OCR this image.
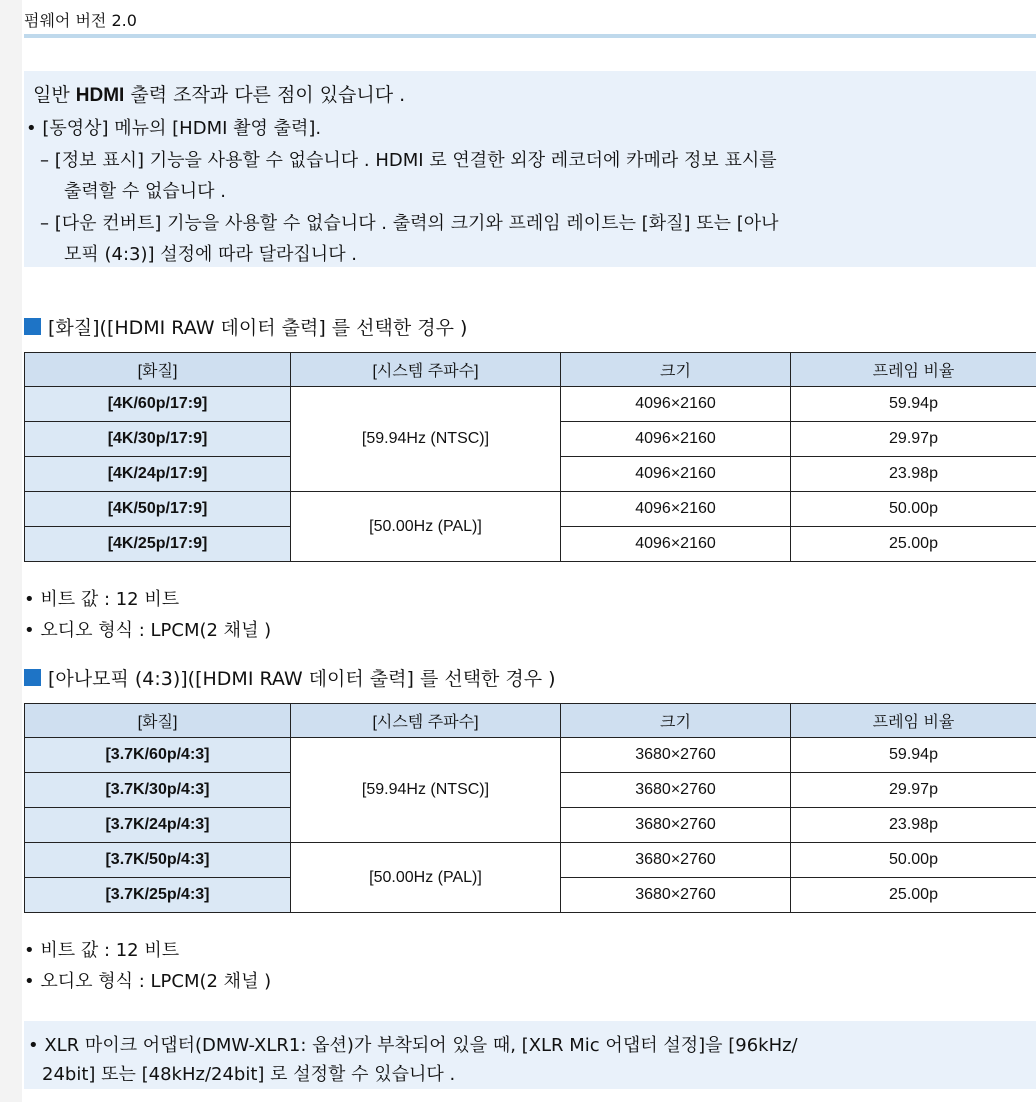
펌웨어 버전 2.0
일반 HDMI 출력 조작과 다른 점이 있습니다 .
• [동영상] 메뉴의 [HDMI 촬영 출력].
– [정보 표시] 기능을 사용할 수 없습니다 . HDMI 로 연결한 외장 레코더에 카메라 정보 표시를
출력할 수 없습니다 .
– [다운 컨버트] 기능을 사용할 수 없습니다 . 출력의 크기와 프레임 레이트는 [화질] 또는 [아나
모픽 (4:3)] 설정에 따라 달라집니다 .
[화질]([HDMI RAW 데이터 출력] 를 선택한 경우 )
[화질]	[시스템 주파수]	크기	프레임 비율
[4K/60p/17:9]	[59.94Hz (NTSC)]	4096×2160	59.94p
[4K/30p/17:9]		4096×2160	29.97p
[4K/24p/17:9]		4096×2160	23.98p
[4K/50p/17:9]	[50.00Hz (PAL)]	4096×2160	50.00p
[4K/25p/17:9]		4096×2160	25.00p
• 비트 값 : 12 비트
• 오디오 형식 : LPCM(2 채널 )
[아나모픽 (4:3)]([HDMI RAW 데이터 출력] 를 선택한 경우 )
[화질]	[시스템 주파수]	크기	프레임 비율
[3.7K/60p/4:3]	[59.94Hz (NTSC)]	3680×2760	59.94p
[3.7K/30p/4:3]		3680×2760	29.97p
[3.7K/24p/4:3]		3680×2760	23.98p
[3.7K/50p/4:3]	[50.00Hz (PAL)]	3680×2760	50.00p
[3.7K/25p/4:3]		3680×2760	25.00p
• 비트 값 : 12 비트
• 오디오 형식 : LPCM(2 채널 )
• XLR 마이크 어댑터(DMW-XLR1: 옵션)가 부착되어 있을 때, [XLR Mic 어댑터 설정]을 [96kHz/
24bit] 또는 [48kHz/24bit] 로 설정할 수 있습니다 .
